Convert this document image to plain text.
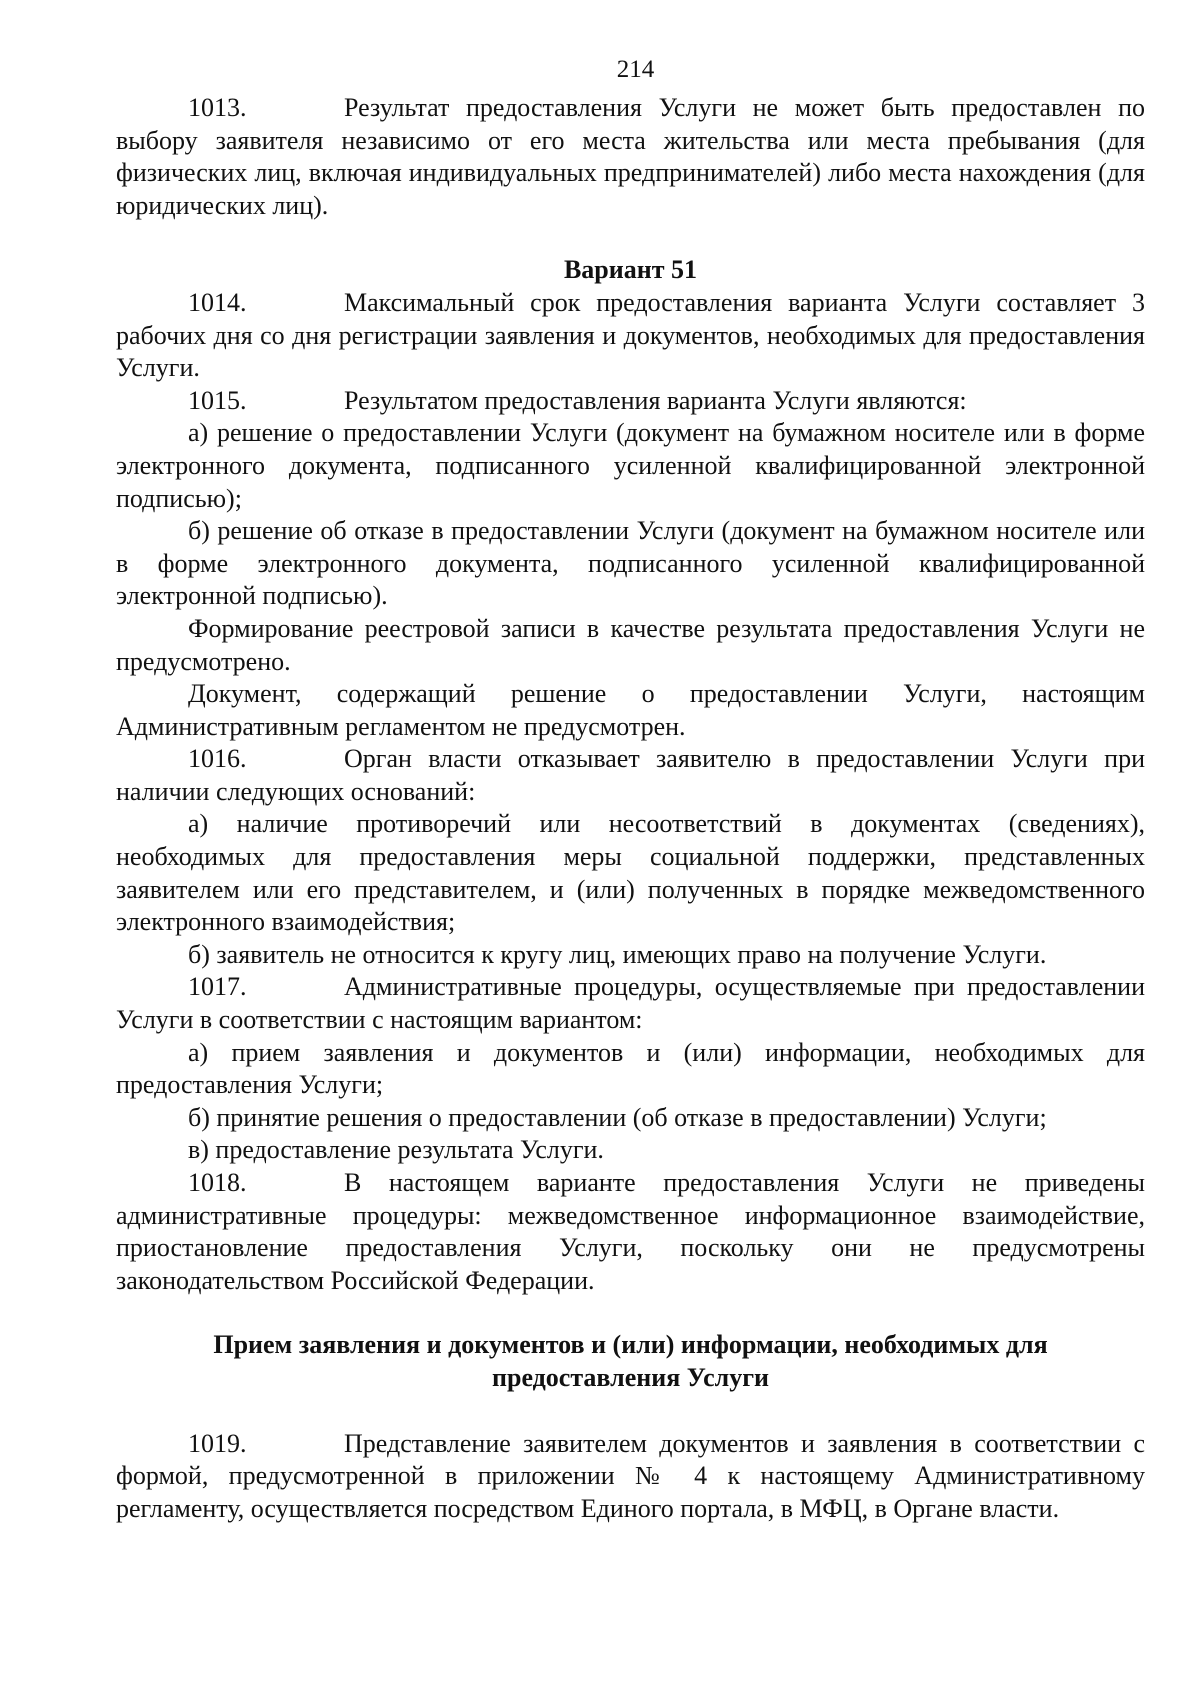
214

1013.	Результат предоставления Услуги не может быть предоставлен по выбору заявителя независимо от его места жительства или места пребывания (для физических лиц, включая индивидуальных предпринимателей) либо места нахождения (для юридических лиц).

Вариант 51

1014.	Максимальный срок предоставления варианта Услуги составляет 3 рабочих дня со дня регистрации заявления и документов, необходимых для предоставления Услуги.

1015.	Результатом предоставления варианта Услуги являются:

а) решение о предоставлении Услуги (документ на бумажном носителе или в форме электронного документа, подписанного усиленной квалифицированной электронной подписью);

б) решение об отказе в предоставлении Услуги (документ на бумажном носителе или в форме электронного документа, подписанного усиленной квалифицированной электронной подписью).

Формирование реестровой записи в качестве результата предоставления Услуги не предусмотрено.

Документ, содержащий решение о предоставлении Услуги, настоящим Административным регламентом не предусмотрен.

1016.	Орган власти отказывает заявителю в предоставлении Услуги при наличии следующих оснований:

а) наличие противоречий или несоответствий в документах (сведениях), необходимых для предоставления меры социальной поддержки, представленных заявителем или его представителем, и (или) полученных в порядке межведомственного электронного взаимодействия;

б) заявитель не относится к кругу лиц, имеющих право на получение Услуги.

1017.	Административные процедуры, осуществляемые при предоставлении Услуги в соответствии с настоящим вариантом:

а) прием заявления и документов и (или) информации, необходимых для предоставления Услуги;

б) принятие решения о предоставлении (об отказе в предоставлении) Услуги;

в) предоставление результата Услуги.

1018.	В настоящем варианте предоставления Услуги не приведены административные процедуры: межведомственное информационное взаимодействие, приостановление предоставления Услуги, поскольку они не предусмотрены законодательством Российской Федерации.

Прием заявления и документов и (или) информации, необходимых для предоставления Услуги

1019.	Представление заявителем документов и заявления в соответствии с формой, предусмотренной в приложении № 4 к настоящему Административному регламенту, осуществляется посредством Единого портала, в МФЦ, в Органе власти.
